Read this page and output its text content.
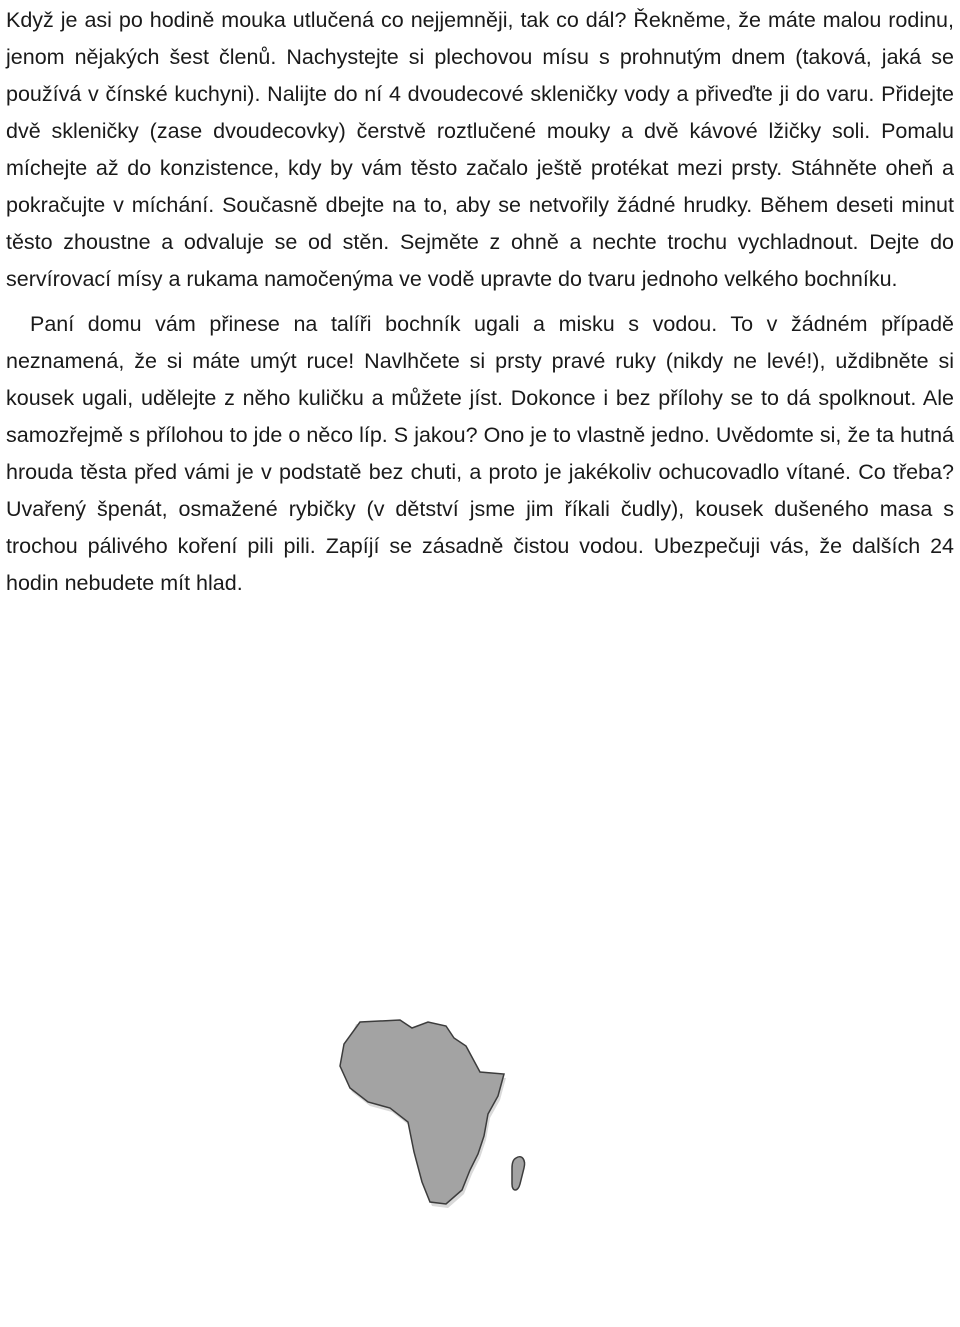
Když je asi po hodině mouka utlučená co nejjemněji, tak co dál? Řekněme, že máte malou rodinu, jenom nějakých šest členů. Nachystejte si plechovou mísu s prohnutým dnem (taková, jaká se používá v čínské kuchyni). Nalijte do ní 4 dvoudecové skleničky vody a přiveďte ji do varu. Přidejte dvě skleničky (zase dvoudecovky) čerstvě roztlučené mouky a dvě kávové lžičky soli. Pomalu míchejte až do konzistence, kdy by vám těsto začalo ještě protékat mezi prsty. Stáhněte oheň a pokračujte v míchání. Současně dbejte na to, aby se netvořily žádné hrudky. Během deseti minut těsto zhoustne a odvaluje se od stěn. Sejměte z ohně a nechte trochu vychladnout. Dejte do servírovací mísy a rukama namočenýma ve vodě upravte do tvaru jednoho velkého bochníku.

Paní domu vám přinese na talíři bochník ugali a misku s vodou. To v žádném případě neznamená, že si máte umýt ruce! Navlhčete si prsty pravé ruky (nikdy ne levé!), uždibněte si kousek ugali, udělejte z něho kuličku a můžete jíst. Dokonce i bez přílohy se to dá spolknout. Ale samozřejmě s přílohou to jde o něco líp. S jakou? Ono je to vlastně jedno. Uvědomte si, že ta hutná hrouda těsta před vámi je v podstatě bez chuti, a proto je jakékoliv ochucovadlo vítané. Co třeba? Uvařený špenát, osmažené rybičky (v dětství jsme jim říkali čudly), kousek dušeného masa s trochou pálivého koření pili pili. Zapíjí se zásadně čistou vodou. Ubezpečuji vás, že dalších 24 hodin nebudete mít hlad.
